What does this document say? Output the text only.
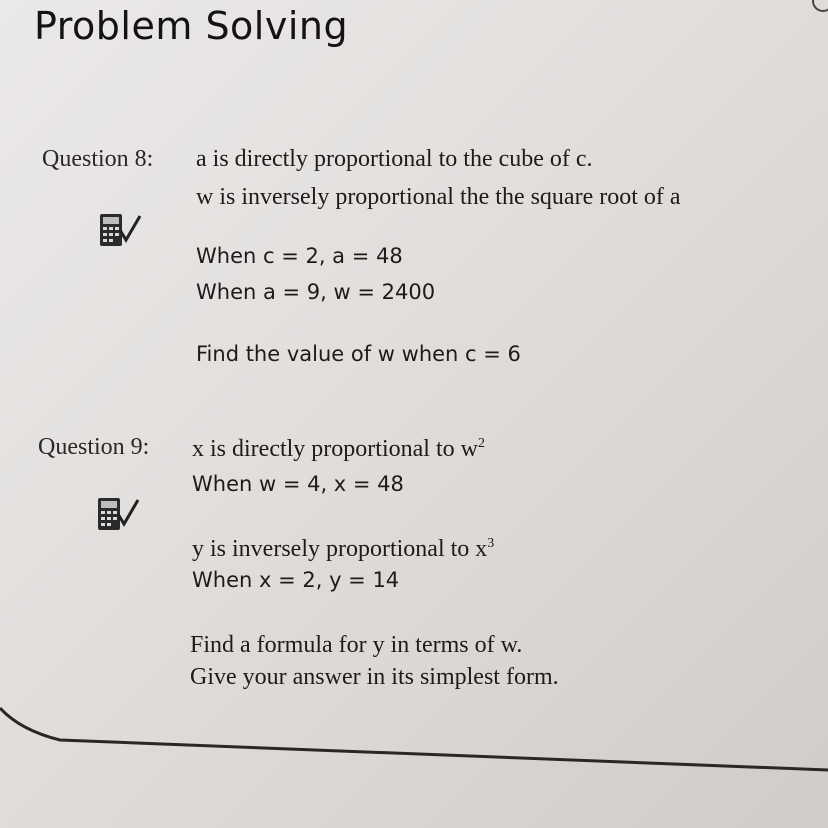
Problem Solving
Question 8: a is directly proportional to the cube of c.
w is inversely proportional the the square root of a
When c = 2, a = 48
When a = 9, w = 2400
Find the value of w when c = 6
Question 9: x is directly proportional to $w^2$
When w = 4, x = 48
y is inversely proportional to $x^3$
When x = 2, y = 14
Find a formula for y in terms of w.
Give your answer in its simplest form.
